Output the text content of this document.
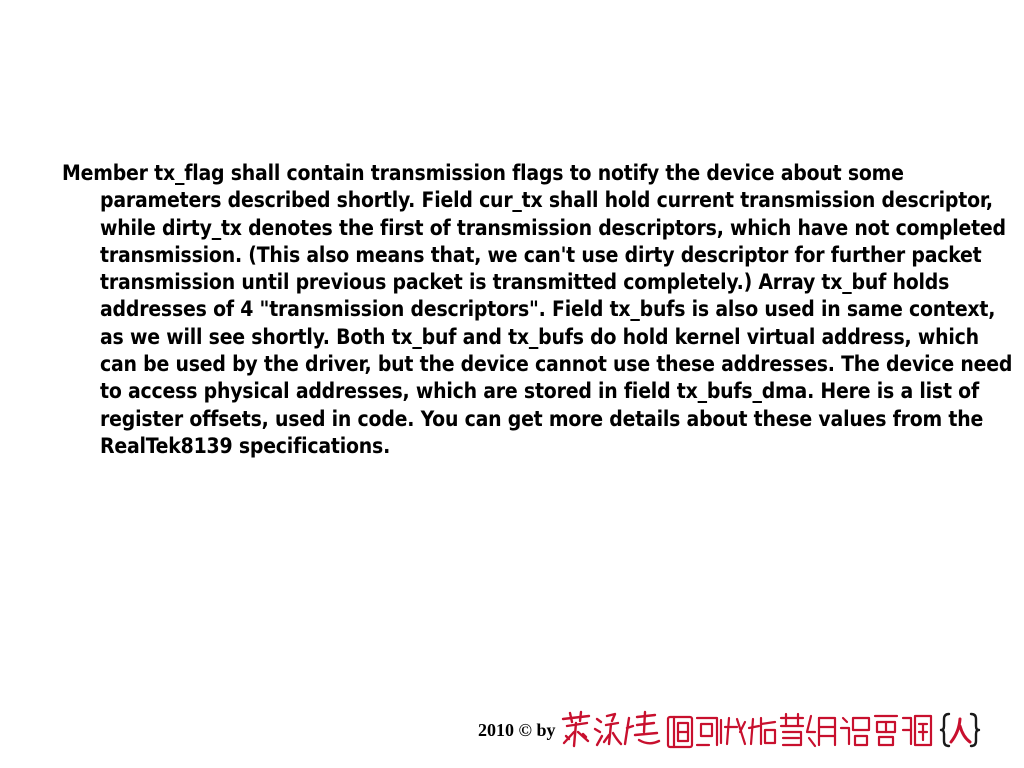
Member tx_flag shall contain transmission flags to notify the device about some parameters described shortly. Field cur_tx shall hold current transmission descriptor, while dirty_tx denotes the first of transmission descriptors, which have not completed transmission. (This also means that, we can't use dirty descriptor for further packet transmission until previous packet is transmitted completely.) Array tx_buf holds addresses of 4 "transmission descriptors". Field tx_bufs is also used in same context, as we will see shortly. Both tx_buf and tx_bufs do hold kernel virtual address, which can be used by the driver, but the device cannot use these addresses. The device need to access physical addresses, which are stored in field tx_bufs_dma. Here is a list of register offsets, used in code. You can get more details about these values from the RealTek8139 specifications.

2010 © by
